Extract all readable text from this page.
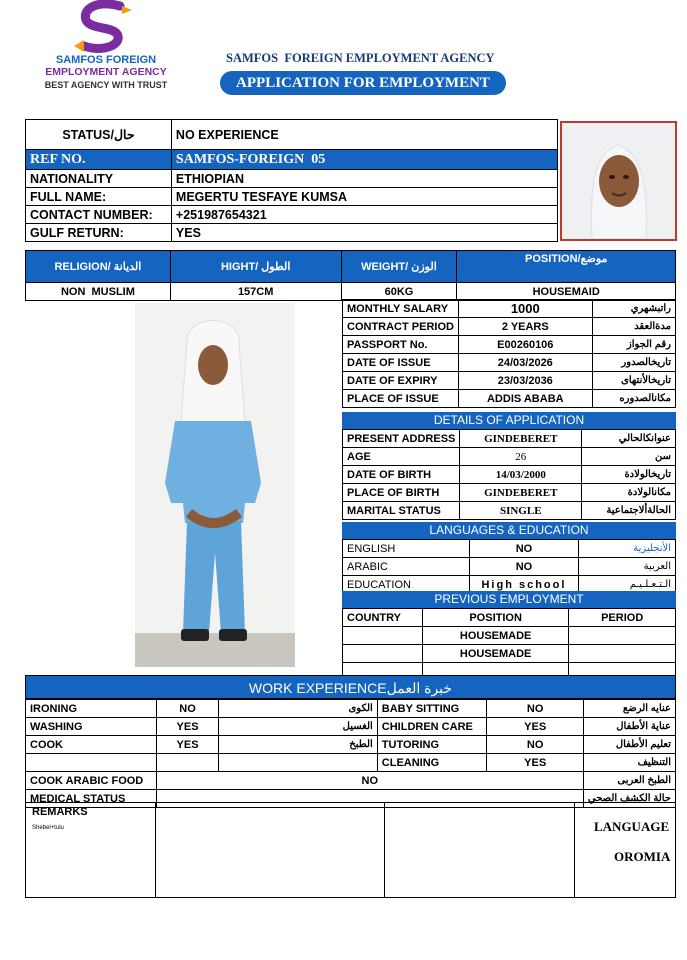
SAMFOS FOREIGN
EMPLOYMENT AGENCY
BEST AGENCY WITH TRUST
SAMFOS  FOREIGN EMPLOYMENT AGENCY
APPLICATION FOR EMPLOYMENT
STATUS/حال	NO EXPERIENCE
REF NO.	SAMFOS-FOREIGN  05
NATIONALITY	ETHIOPIAN
FULL NAME:	MEGERTU TESFAYE KUMSA
CONTACT NUMBER:	+251987654321
GULF RETURN:	YES
RELIGION/ الديانة	HIGHT/ الطول	WEIGHT/ الوزن	POSITION/موضع
NON  MUSLIM	157CM	60KG	HOUSEMAID
MONTHLY SALARY	1000	راتبشهري
CONTRACT PERIOD	2 YEARS	مدةالعقد
PASSPORT No.	E00260106	رقم الجواز
DATE OF ISSUE	24/03/2026	تاريخالصدور
DATE OF EXPIRY	23/03/2036	تاريخالأنتهاى
PLACE OF ISSUE	ADDIS ABABA	مكانالصدوره
DETAILS OF APPLICATION
PRESENT ADDRESS	GINDEBERET	عنوانكالحالي
AGE	26	سن
DATE OF BIRTH	14/03/2000	تاريخالولادة
PLACE OF BIRTH	GINDEBERET	مكانالولادة
MARITAL STATUS	SINGLE	الحالةألاجتماعية
LANGUAGES & EDUCATION
ENGLISH	NO	الأنجليزية
ARABIC	NO	العربية
EDUCATION	High school	الـتـعـلـيـم
PREVIOUS EMPLOYMENT
COUNTRY	POSITION	PERIOD
	HOUSEMADE	
	HOUSEMADE	

WORK EXPERIENCEخبرة العمل
IRONING	NO	الكوى	BABY SITTING	NO	عنايه الرضع
WASHING	YES	الغسيل	CHILDREN CARE	YES	عناية الأطفال
COOK	YES	الطبخ	TUTORING	NO	تعليم الأطفال
			CLEANING	YES	التنظيف
COOK ARABIC FOOD	NO				الطبخ العربى
MEDICAL STATUS					حالة الكشف الصحي
REMARKS
Shebel+tulu	LANGUAGE
OROMIA
